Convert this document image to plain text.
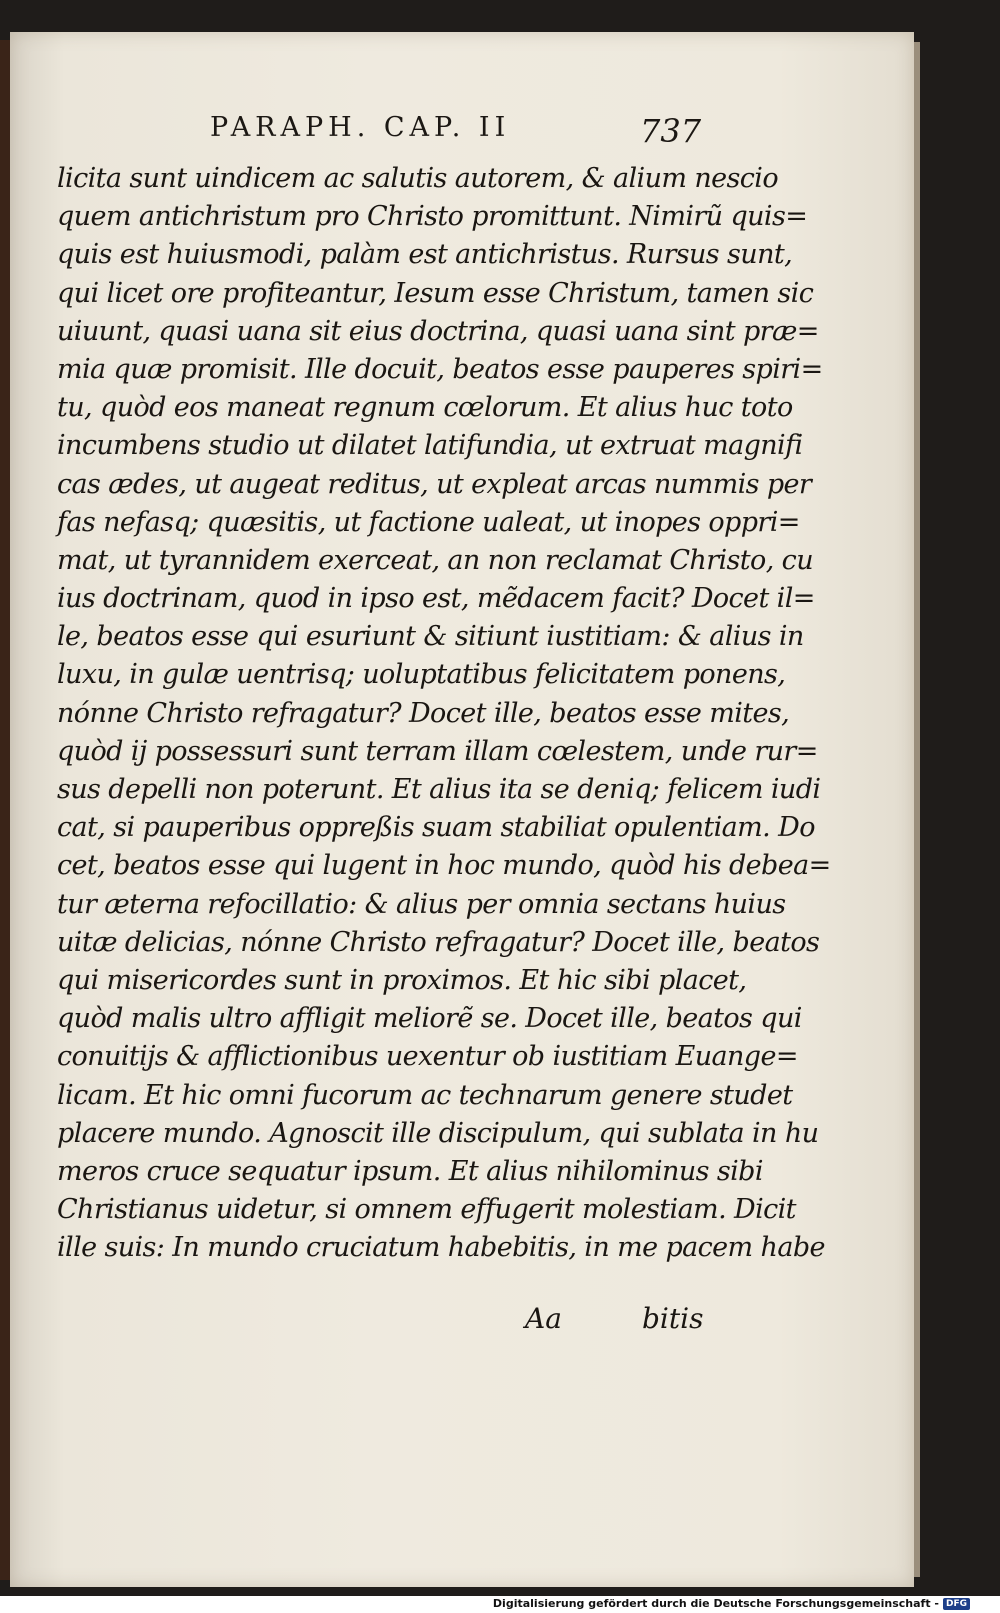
PARAPH. CAP. II	737
licita sunt uindicem ac salutis autorem, & alium nescio
quem antichristum pro Christo promittunt. Nimirũ quis=
quis est huiusmodi, palàm est antichristus. Rursus sunt,
qui licet ore profiteantur, Iesum esse Christum, tamen sic
uiuunt, quasi uana sit eius doctrina, quasi uana sint præ=
mia quæ promisit. Ille docuit, beatos esse pauperes spiri=
tu, quòd eos maneat regnum cœlorum. Et alius huc toto
incumbens studio ut dilatet latifundia, ut extruat magnifi
cas ædes, ut augeat reditus, ut expleat arcas nummis per
fas nefasq; quæsitis, ut factione ualeat, ut inopes oppri=
mat, ut tyrannidem exerceat, an non reclamat Christo, cu
ius doctrinam, quod in ipso est, mẽdacem facit? Docet il=
le, beatos esse qui esuriunt & sitiunt iustitiam: & alius in
luxu, in gulæ uentrisq; uoluptatibus felicitatem ponens,
nónne Christo refragatur? Docet ille, beatos esse mites,
quòd ij possessuri sunt terram illam cœlestem, unde rur=
sus depelli non poterunt. Et alius ita se deniq; felicem iudi
cat, si pauperibus oppreßis suam stabiliat opulentiam. Do
cet, beatos esse qui lugent in hoc mundo, quòd his debea=
tur æterna refocillatio: & alius per omnia sectans huius
uitæ delicias, nónne Christo refragatur? Docet ille, beatos
qui misericordes sunt in proximos. Et hic sibi placet,
quòd malis ultro affligit meliorẽ se. Docet ille, beatos qui
conuitijs & afflictionibus uexentur ob iustitiam Euange=
licam. Et hic omni fucorum ac technarum genere studet
placere mundo. Agnoscit ille discipulum, qui sublata in hu
meros cruce sequatur ipsum. Et alius nihilominus sibi
Christianus uidetur, si omnem effugerit molestiam. Dicit
ille suis: In mundo cruciatum habebitis, in me pacem habe
Aa	bitis
Digitalisierung gefördert durch die Deutsche Forschungsgemeinschaft - DFG
